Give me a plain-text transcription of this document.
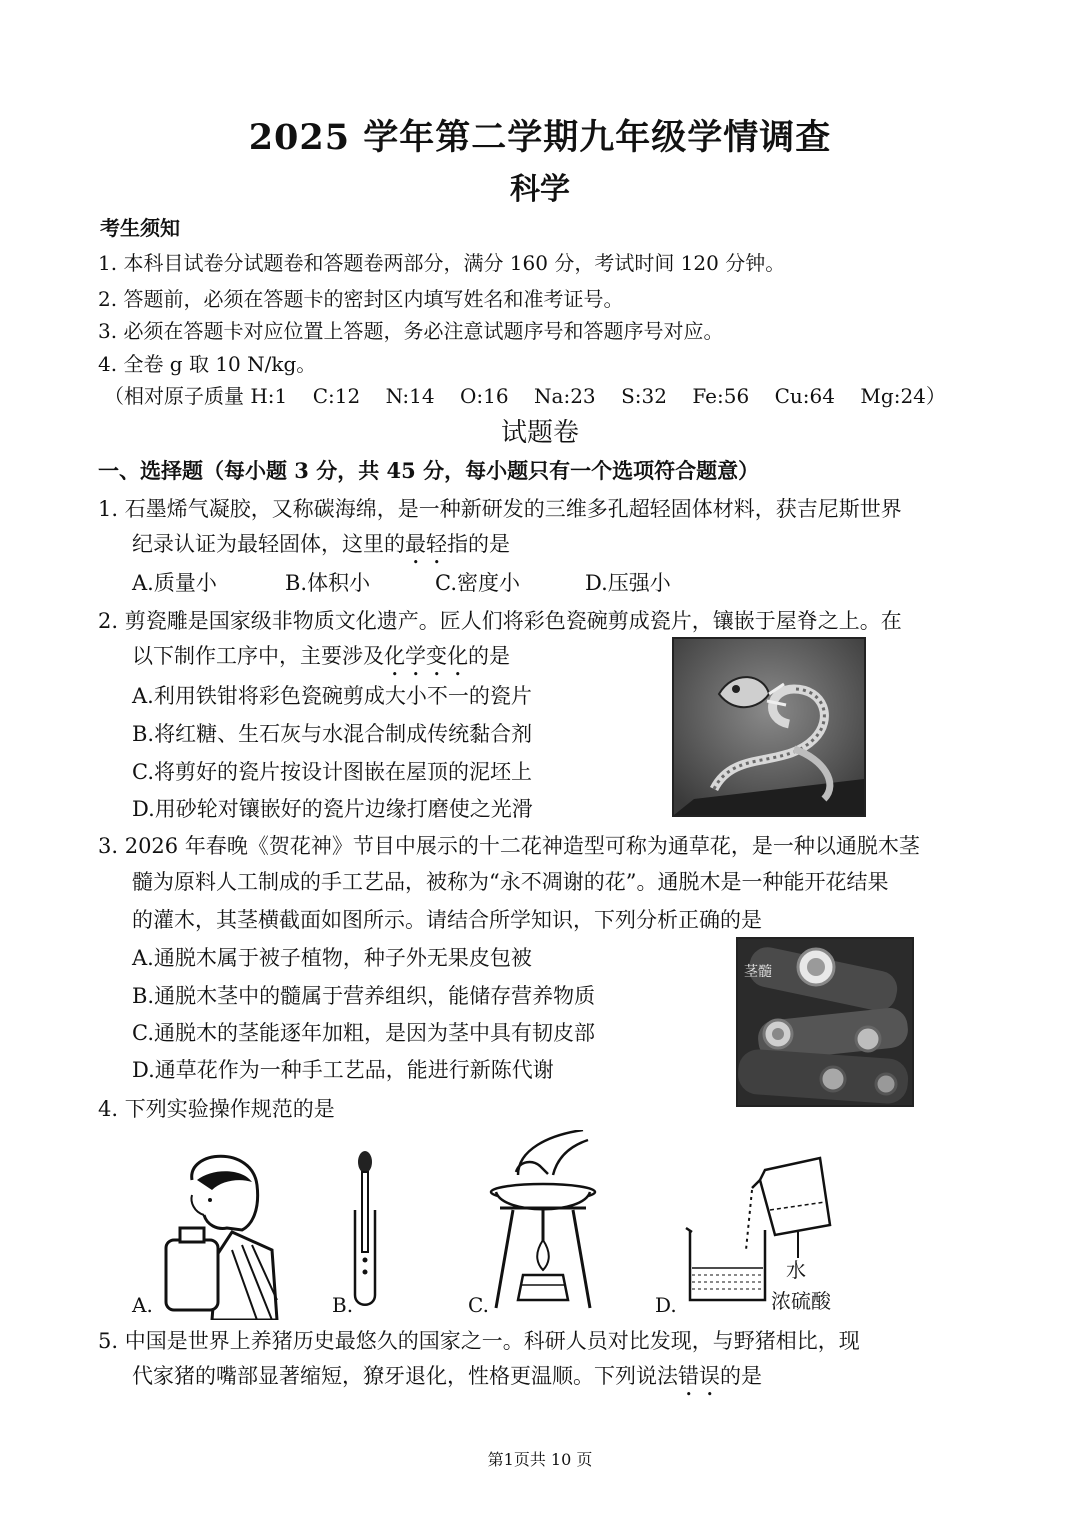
2025 学年第二学期九年级学情调查
科学
考生须知
1. 本科目试卷分试题卷和答题卷两部分，满分 160 分，考试时间 120 分钟。
2. 答题前，必须在答题卡的密封区内填写姓名和准考证号。
3. 必须在答题卡对应位置上答题，务必注意试题序号和答题序号对应。
4. 全卷 g 取 10 N/kg。
（相对原子质量 H:1    C:12    N:14    O:16    Na:23    S:32    Fe:56    Cu:64    Mg:24）
试题卷
一、选择题（每小题 3 分，共 45 分，每小题只有一个选项符合题意）
1. 石墨烯气凝胶，又称碳海绵，是一种新研发的三维多孔超轻固体材料，获吉尼斯世界
纪录认证为最轻固体，这里的最轻指的是
A.质量小	B.体积小	C.密度小	D.压强小
2. 剪瓷雕是国家级非物质文化遗产。匠人们将彩色瓷碗剪成瓷片，镶嵌于屋脊之上。在
以下制作工序中，主要涉及化学变化的是
A.利用铁钳将彩色瓷碗剪成大小不一的瓷片
B.将红糖、生石灰与水混合制成传统黏合剂
C.将剪好的瓷片按设计图嵌在屋顶的泥坯上
D.用砂轮对镶嵌好的瓷片边缘打磨使之光滑
3. 2026 年春晚《贺花神》节目中展示的十二花神造型可称为通草花，是一种以通脱木茎
髓为原料人工制成的手工艺品，被称为“永不凋谢的花”。通脱木是一种能开花结果
的灌木，其茎横截面如图所示。请结合所学知识，下列分析正确的是
A.通脱木属于被子植物，种子外无果皮包被
B.通脱木茎中的髓属于营养组织，能储存营养物质
C.通脱木的茎能逐年加粗，是因为茎中具有韧皮部
D.通草花作为一种手工艺品，能进行新陈代谢
茎髓
4. 下列实验操作规范的是
A.	B.	C.
水
浓硫酸
D.
5. 中国是世界上养猪历史最悠久的国家之一。科研人员对比发现，与野猪相比，现
代家猪的嘴部显著缩短，獠牙退化，性格更温顺。下列说法错误的是
第1页共 10 页
